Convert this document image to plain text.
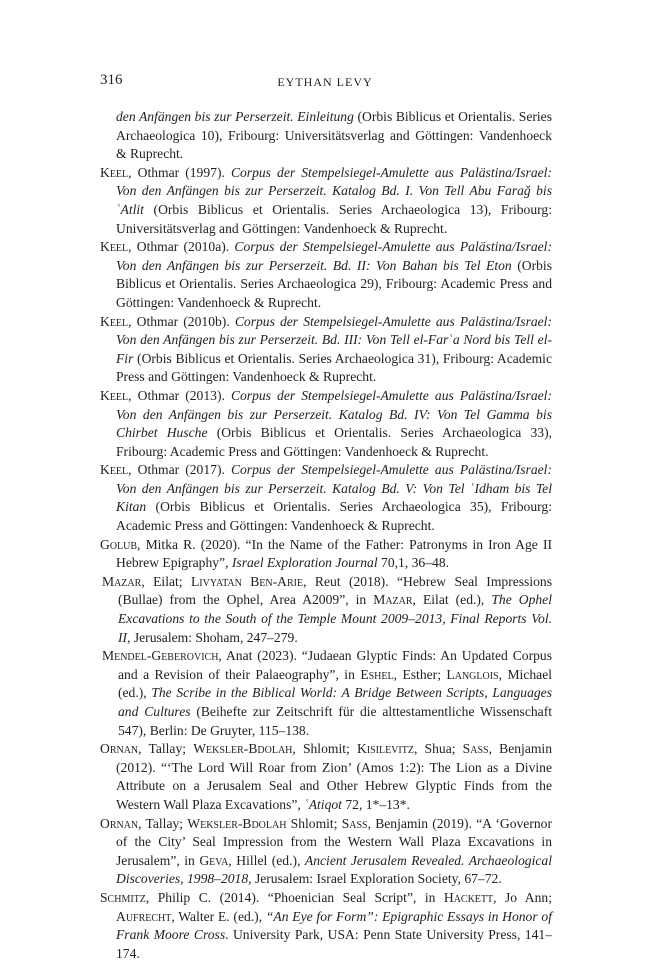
316	EYTHAN LEVY

den Anfängen bis zur Perserzeit. Einleitung (Orbis Biblicus et Orientalis. Series Archaeologica 10), Fribourg: Universitätsverlag and Göttingen: Vandenhoeck & Ruprecht.

Keel, Othmar (1997). Corpus der Stempelsiegel-Amulette aus Palästina/Israel: Von den Anfängen bis zur Perserzeit. Katalog Bd. I. Von Tell Abu Farağ bis ʿAtlit (Orbis Biblicus et Orientalis. Series Archaeologica 13), Fribourg: Universitätsverlag and Göttingen: Vandenhoeck & Ruprecht.

Keel, Othmar (2010a). Corpus der Stempelsiegel-Amulette aus Palästina/Israel: Von den Anfängen bis zur Perserzeit. Bd. II: Von Bahan bis Tel Eton (Orbis Biblicus et Orientalis. Series Archaeologica 29), Fribourg: Academic Press and Göttingen: Vandenhoeck & Ruprecht.

Keel, Othmar (2010b). Corpus der Stempelsiegel-Amulette aus Palästina/Israel: Von den Anfängen bis zur Perserzeit. Bd. III: Von Tell el-Farʿa Nord bis Tell el-Fir (Orbis Biblicus et Orientalis. Series Archaeologica 31), Fribourg: Academic Press and Göttingen: Vandenhoeck & Ruprecht.

Keel, Othmar (2013). Corpus der Stempelsiegel-Amulette aus Palästina/Israel: Von den Anfängen bis zur Perserzeit. Katalog Bd. IV: Von Tel Gamma bis Chirbet Husche (Orbis Biblicus et Orientalis. Series Archaeologica 33), Fribourg: Academic Press and Göttingen: Vandenhoeck & Ruprecht.

Keel, Othmar (2017). Corpus der Stempelsiegel-Amulette aus Palästina/Israel: Von den Anfängen bis zur Perserzeit. Katalog Bd. V: Von Tel ʿIdham bis Tel Kitan (Orbis Biblicus et Orientalis. Series Archaeologica 35), Fribourg: Academic Press and Göttingen: Vandenhoeck & Ruprecht.

Golub, Mitka R. (2020). “In the Name of the Father: Patronyms in Iron Age II Hebrew Epigraphy”, Israel Exploration Journal 70,1, 36–48.

Mazar, Eilat; Livyatan Ben-Arie, Reut (2018). “Hebrew Seal Impressions (Bullae) from the Ophel, Area A2009”, in Mazar, Eilat (ed.), The Ophel Excavations to the South of the Temple Mount 2009–2013, Final Reports Vol. II, Jerusalem: Shoham, 247–279.

Mendel-Geberovich, Anat (2023). “Judaean Glyptic Finds: An Updated Corpus and a Revision of their Palaeography”, in Eshel, Esther; Langlois, Michael (ed.), The Scribe in the Biblical World: A Bridge Between Scripts, Languages and Cultures (Beihefte zur Zeitschrift für die alttestamentliche Wissenschaft 547), Berlin: De Gruyter, 115–138.

Ornan, Tallay; Weksler-Bdolah, Shlomit; Kisilevitz, Shua; Sass, Benjamin (2012). “‘The Lord Will Roar from Zion’ (Amos 1:2): The Lion as a Divine Attribute on a Jerusalem Seal and Other Hebrew Glyptic Finds from the Western Wall Plaza Excavations”, ʿAtiqot 72, 1*–13*.

Ornan, Tallay; Weksler-Bdolah Shlomit; Sass, Benjamin (2019). “A ‘Governor of the City’ Seal Impression from the Western Wall Plaza Excavations in Jerusalem”, in Geva, Hillel (ed.), Ancient Jerusalem Revealed. Archaeological Discoveries, 1998–2018, Jerusalem: Israel Exploration Society, 67–72.

Schmitz, Philip C. (2014). “Phoenician Seal Script”, in Hackett, Jo Ann; Aufrecht, Walter E. (ed.), “An Eye for Form”: Epigraphic Essays in Honor of Frank Moore Cross. University Park, USA: Penn State University Press, 141–174.
